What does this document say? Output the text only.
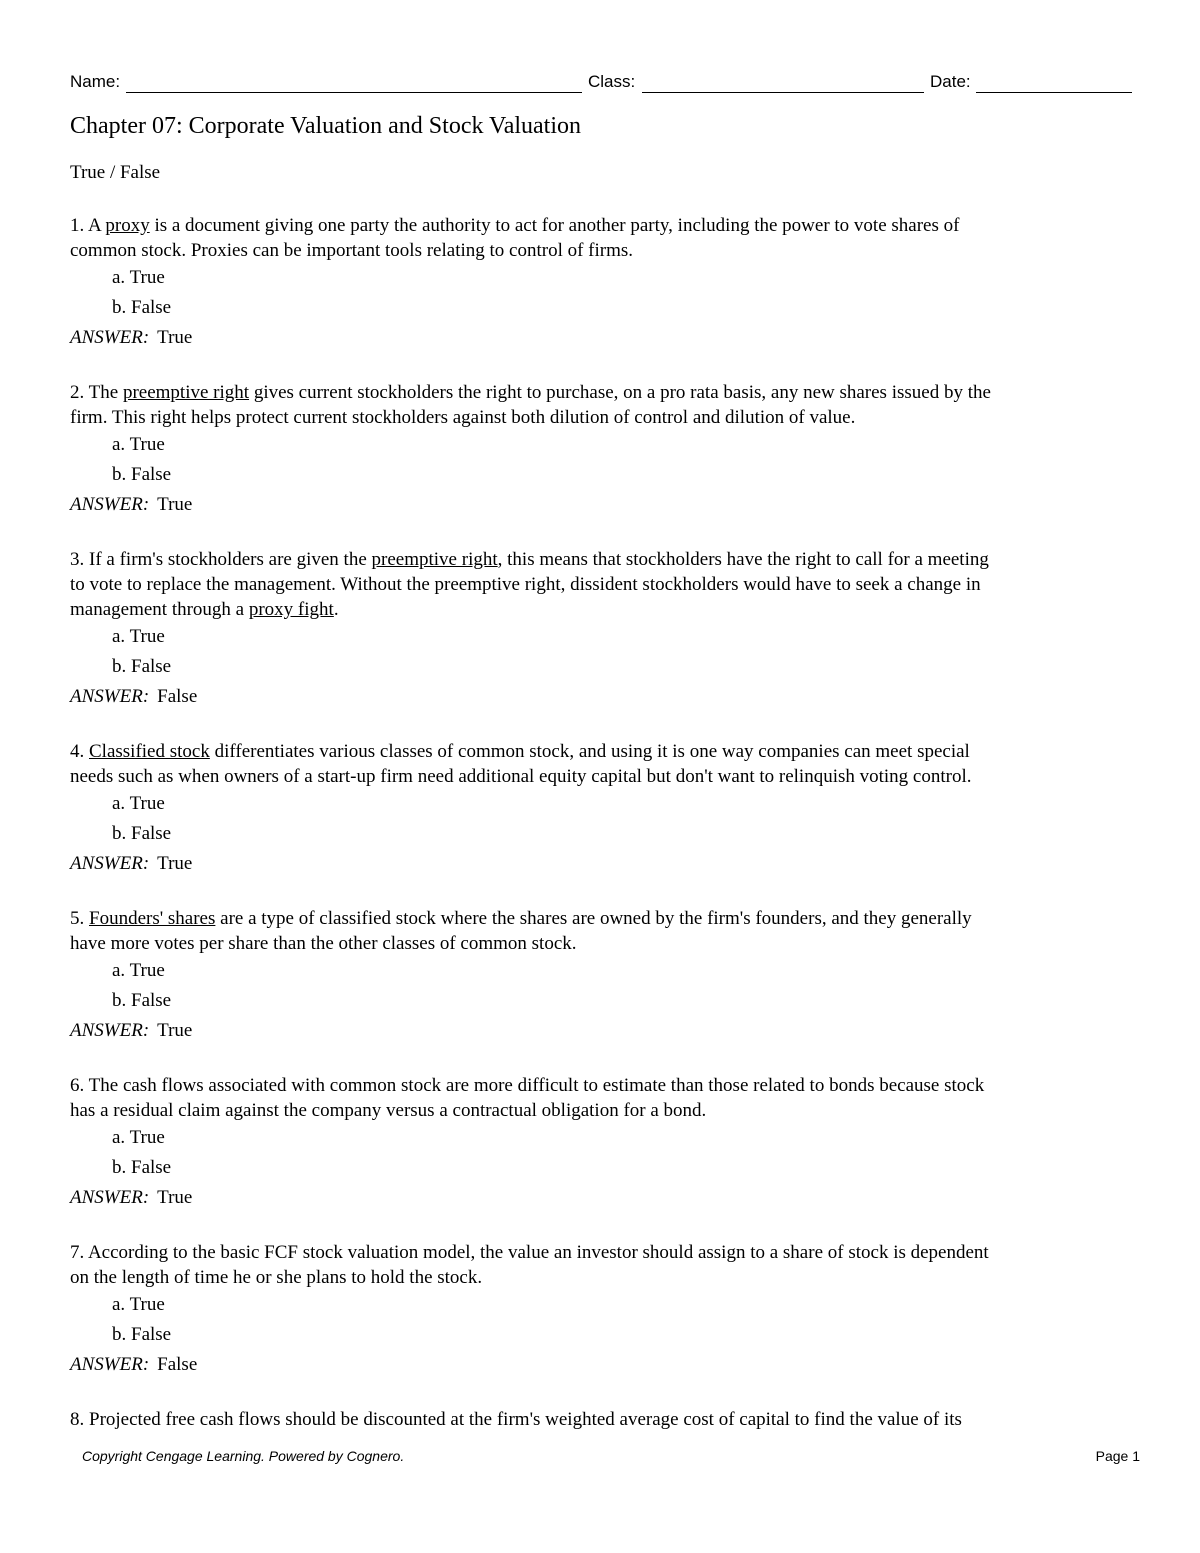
Name:	Class:	Date:
Chapter 07: Corporate Valuation and Stock Valuation
True / False
1. A proxy is a document giving one party the authority to act for another party, including the power to vote shares of
common stock. Proxies can be important tools relating to control of firms.
a. True
b. False
ANSWER: True
2. The preemptive right gives current stockholders the right to purchase, on a pro rata basis, any new shares issued by the
firm. This right helps protect current stockholders against both dilution of control and dilution of value.
a. True
b. False
ANSWER: True
3. If a firm's stockholders are given the preemptive right, this means that stockholders have the right to call for a meeting
to vote to replace the management. Without the preemptive right, dissident stockholders would have to seek a change in
management through a proxy fight.
a. True
b. False
ANSWER: False
4. Classified stock differentiates various classes of common stock, and using it is one way companies can meet special
needs such as when owners of a start-up firm need additional equity capital but don't want to relinquish voting control.
a. True
b. False
ANSWER: True
5. Founders' shares are a type of classified stock where the shares are owned by the firm's founders, and they generally
have more votes per share than the other classes of common stock.
a. True
b. False
ANSWER: True
6. The cash flows associated with common stock are more difficult to estimate than those related to bonds because stock
has a residual claim against the company versus a contractual obligation for a bond.
a. True
b. False
ANSWER: True
7. According to the basic FCF stock valuation model, the value an investor should assign to a share of stock is dependent
on the length of time he or she plans to hold the stock.
a. True
b. False
ANSWER: False
8. Projected free cash flows should be discounted at the firm's weighted average cost of capital to find the value of its
Copyright Cengage Learning. Powered by Cognero.	Page 1
